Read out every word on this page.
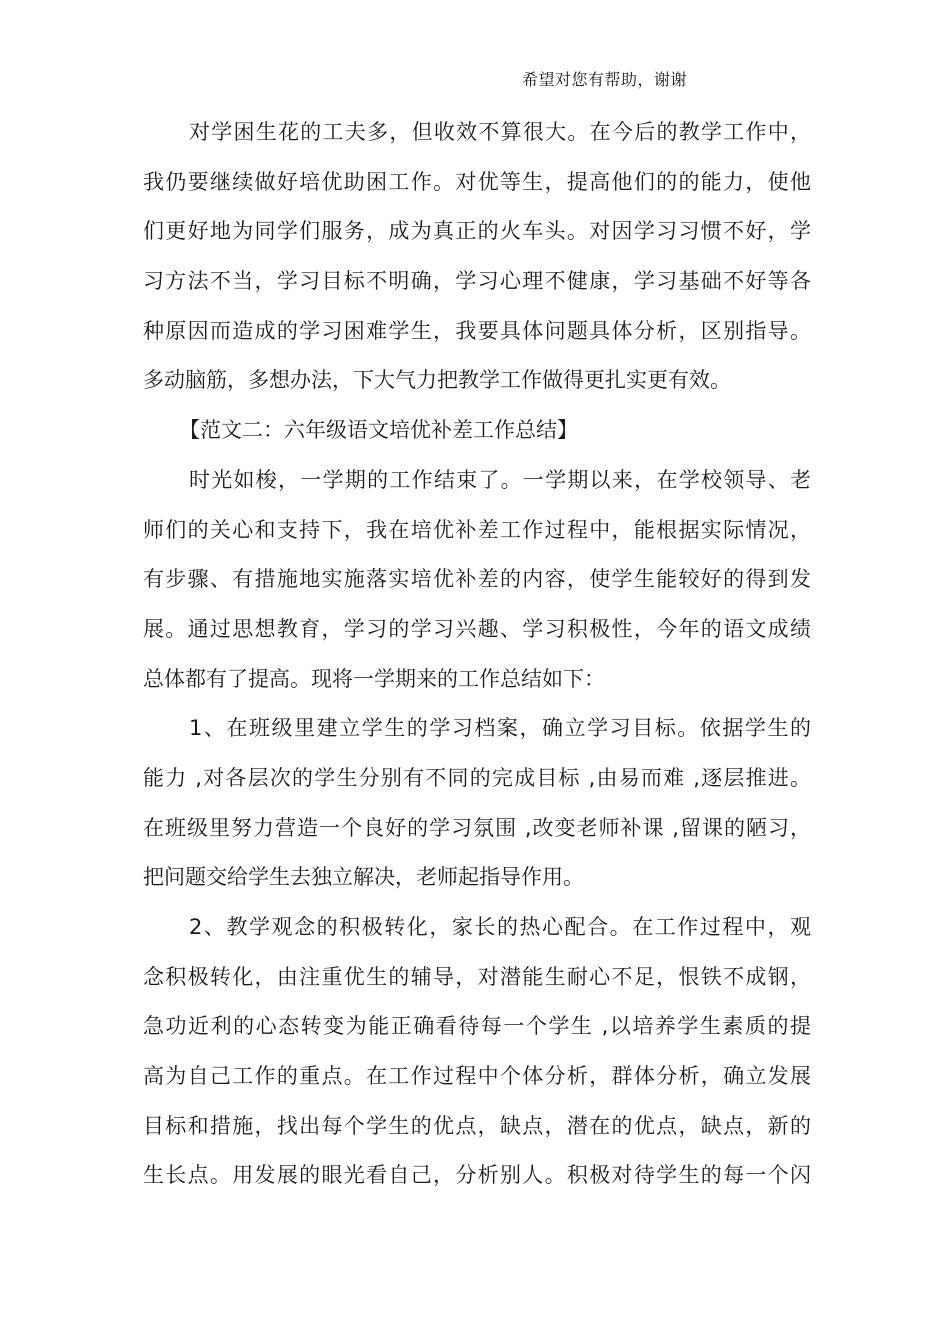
希望对您有帮助，谢谢
对学困生花的工夫多，但收效不算很大。在今后的教学工作中，
我仍要继续做好培优助困工作。对优等生，提高他们的的能力，使他
们更好地为同学们服务，成为真正的火车头。对因学习习惯不好，学
习方法不当，学习目标不明确，学习心理不健康，学习基础不好等各
种原因而造成的学习困难学生，我要具体问题具体分析，区别指导。
多动脑筋，多想办法，下大气力把教学工作做得更扎实更有效。
【范文二：六年级语文培优补差工作总结】
时光如梭，一学期的工作结束了。一学期以来，在学校领导、老
师们的关心和支持下，我在培优补差工作过程中，能根据实际情况，
有步骤、有措施地实施落实培优补差的内容，使学生能较好的得到发
展。通过思想教育，学习的学习兴趣、学习积极性，今年的语文成绩
总体都有了提高。现将一学期来的工作总结如下：
1、在班级里建立学生的学习档案，确立学习目标。依据学生的
能力 ,对各层次的学生分别有不同的完成目标 ,由易而难 ,逐层推进。
在班级里努力营造一个良好的学习氛围 ,改变老师补课 ,留课的陋习，
把问题交给学生去独立解决，老师起指导作用。
2、教学观念的积极转化，家长的热心配合。在工作过程中，观
念积极转化，由注重优生的辅导，对潜能生耐心不足，恨铁不成钢，
急功近利的心态转变为能正确看待每一个学生 ,以培养学生素质的提
高为自己工作的重点。在工作过程中个体分析，群体分析，确立发展
目标和措施，找出每个学生的优点，缺点，潜在的优点，缺点，新的
生长点。用发展的眼光看自己，分析别人。积极对待学生的每一个闪
